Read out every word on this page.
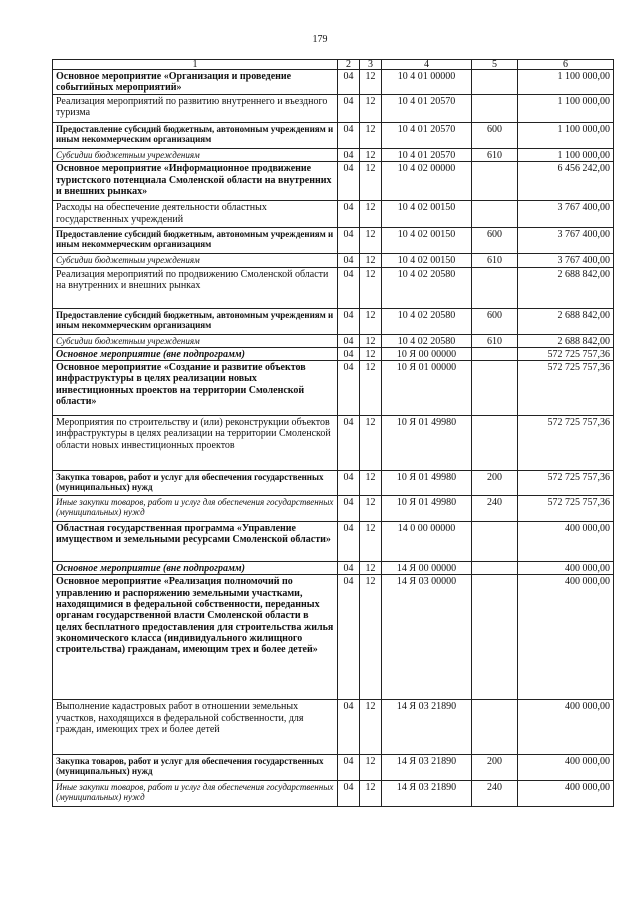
179
1	2	3	4	5	6
Основное мероприятие «Организация и проведение событийных мероприятий»	04	12	10 4 01 00000		1 100 000,00
Реализация мероприятий по развитию внутреннего и въездного туризма	04	12	10 4 01 20570		1 100 000,00
Предоставление субсидий бюджетным, автономным учреждениям и иным некоммерческим организациям	04	12	10 4 01 20570	600	1 100 000,00
Субсидии бюджетным учреждениям	04	12	10 4 01 20570	610	1 100 000,00
Основное мероприятие «Информационное продвижение туристского потенциала Смоленской области на внутренних и внешних рынках»	04	12	10 4 02 00000		6 456 242,00
Расходы на обеспечение деятельности областных государственных учреждений	04	12	10 4 02 00150		3 767 400,00
Предоставление субсидий бюджетным, автономным учреждениям и иным некоммерческим организациям	04	12	10 4 02 00150	600	3 767 400,00
Субсидии бюджетным учреждениям	04	12	10 4 02 00150	610	3 767 400,00
Реализация мероприятий по продвижению Смоленской области на внутренних и внешних рынках	04	12	10 4 02 20580		2 688 842,00
Предоставление субсидий бюджетным, автономным учреждениям и иным некоммерческим организациям	04	12	10 4 02 20580	600	2 688 842,00
Субсидии бюджетным учреждениям	04	12	10 4 02 20580	610	2 688 842,00
Основное мероприятие (вне подпрограмм)	04	12	10 Я 00 00000		572 725 757,36
Основное мероприятие «Создание и развитие объектов инфраструктуры в целях реализации новых инвестиционных проектов на территории Смоленской области»	04	12	10 Я 01 00000		572 725 757,36
Мероприятия по строительству и (или) реконструкции объектов инфраструктуры в целях реализации на территории Смоленской области новых инвестиционных проектов	04	12	10 Я 01 49980		572 725 757,36
Закупка товаров, работ и услуг для обеспечения государственных (муниципальных) нужд	04	12	10 Я 01 49980	200	572 725 757,36
Иные закупки товаров, работ и услуг для обеспечения государственных (муниципальных) нужд	04	12	10 Я 01 49980	240	572 725 757,36
Областная государственная программа «Управление имуществом и земельными ресурсами Смоленской области»	04	12	14 0 00 00000		400 000,00
Основное мероприятие (вне подпрограмм)	04	12	14 Я 00 00000		400 000,00
Основное мероприятие «Реализация полномочий по управлению и распоряжению земельными участками, находящимися в федеральной собственности, переданных органам государственной власти Смоленской области в целях бесплатного предоставления для строительства жилья экономического класса (индивидуального жилищного строительства) гражданам, имеющим трех и более детей»	04	12	14 Я 03 00000		400 000,00
Выполнение кадастровых работ в отношении земельных участков, находящихся в федеральной собственности, для граждан, имеющих трех и более детей	04	12	14 Я 03 21890		400 000,00
Закупка товаров, работ и услуг для обеспечения государственных (муниципальных) нужд	04	12	14 Я 03 21890	200	400 000,00
Иные закупки товаров, работ и услуг для обеспечения государственных (муниципальных) нужд	04	12	14 Я 03 21890	240	400 000,00
